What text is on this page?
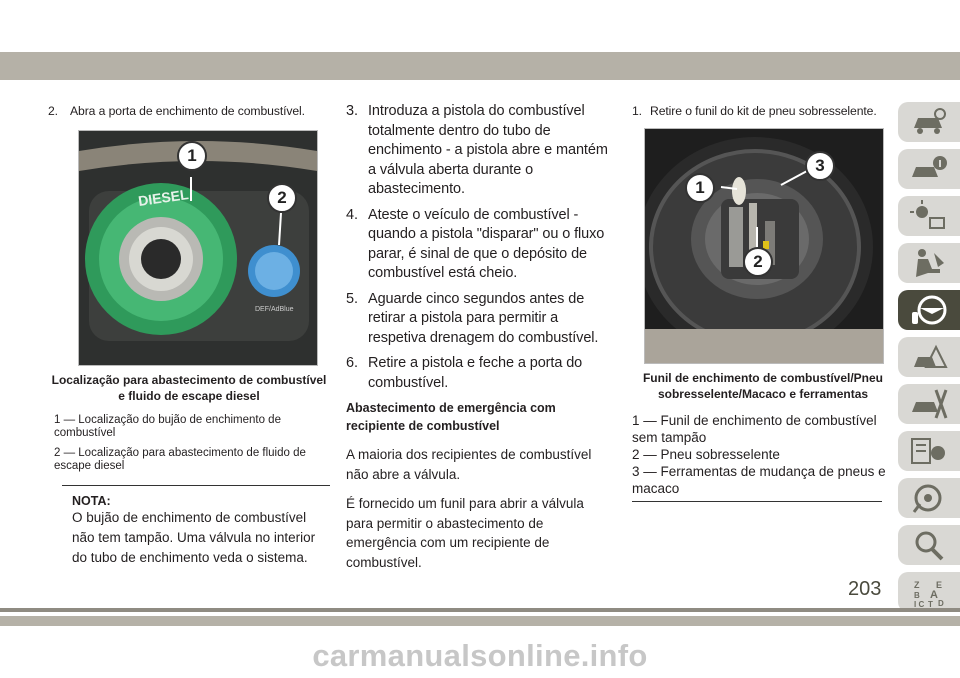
2. Abra a porta de enchimento de combustível.
DIESEL
DEF/AdBlue
1
2
Localização para abastecimento de combustível e fluido de escape diesel
1 — Localização do bujão de enchimento de combustível
2 — Localização para abastecimento de fluido de escape diesel
NOTA:
O bujão de enchimento de combustível não tem tampão. Uma válvula no interior do tubo de enchimento veda o sistema.
3. Introduza a pistola do combustível totalmente dentro do tubo de enchimento - a pistola abre e mantém a válvula aberta durante o abastecimento.
4. Ateste o veículo de combustível - quando a pistola "disparar" ou o fluxo parar, é sinal de que o depósito de combustível está cheio.
5. Aguarde cinco segundos antes de retirar a pistola para permitir a respetiva drenagem do combustível.
6. Retire a pistola e feche a porta do combustível.
Abastecimento de emergência com recipiente de combustível
A maioria dos recipientes de combustível não abre a válvula.
É fornecido um funil para abrir a válvula para permitir o abastecimento de emergência com um recipiente de combustível.
1. Retire o funil do kit de pneu sobresselente.
1
3
2
Funil de enchimento de combustível/Pneu sobresselente/Macaco e ferramentas
1 — Funil de enchimento de combustível sem tampão
2 — Pneu sobresselente
3 — Ferramentas de mudança de pneus e macaco
Z E
B A
I C D
T
203
carmanualsonline.info
